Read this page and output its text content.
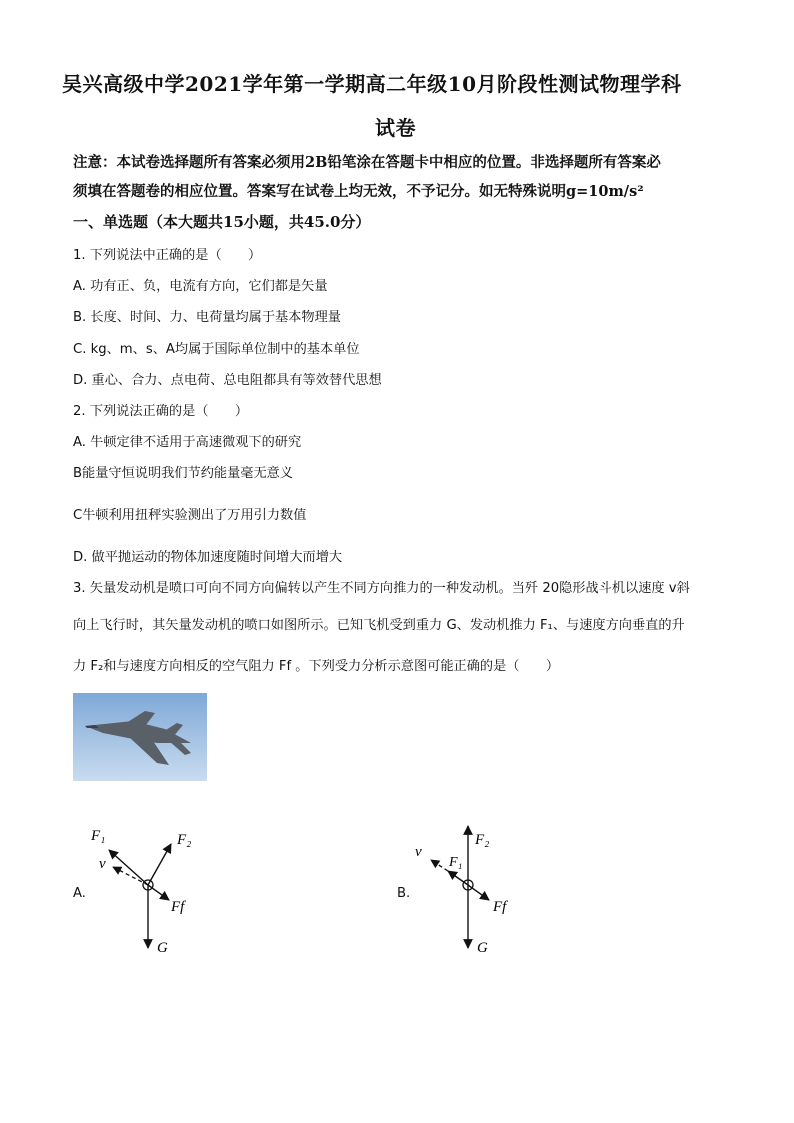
吴兴高级中学2021学年第一学期高二年级10月阶段性测试物理学科
试卷
注意：本试卷选择题所有答案必须用2B铅笔涂在答题卡中相应的位置。非选择题所有答案必
须填在答题卷的相应位置。答案写在试卷上均无效，不予记分。如无特殊说明g=10m/s²
一、单选题（本大题共15小题，共45.0分）
1. 下列说法中正确的是（　　）
A. 功有正、负，电流有方向，它们都是矢量
B. 长度、时间、力、电荷量均属于基本物理量
C. kg、m、s、A均属于国际单位制中的基本单位
D. 重心、合力、点电荷、总电阻都具有等效替代思想
2. 下列说法正确的是（　　）
A. 牛顿定律不适用于高速微观下的研究
B能量守恒说明我们节约能量毫无意义
C牛顿利用扭秤实验测出了万用引力数值
D. 做平抛运动的物体加速度随时间增大而增大
3. 矢量发动机是喷口可向不同方向偏转以产生不同方向推力的一种发动机。当歼 20隐形战斗机以速度 v斜
向上飞行时，其矢量发动机的喷口如图所示。已知飞机受到重力 G、发动机推力 F₁、与速度方向垂直的升
力 F₂和与速度方向相反的空气阻力 Ff 。下列受力分析示意图可能正确的是（　　）
A.
F₁	F₂
v
Ff
G
B.
F₂
F₁
v
Ff
G
